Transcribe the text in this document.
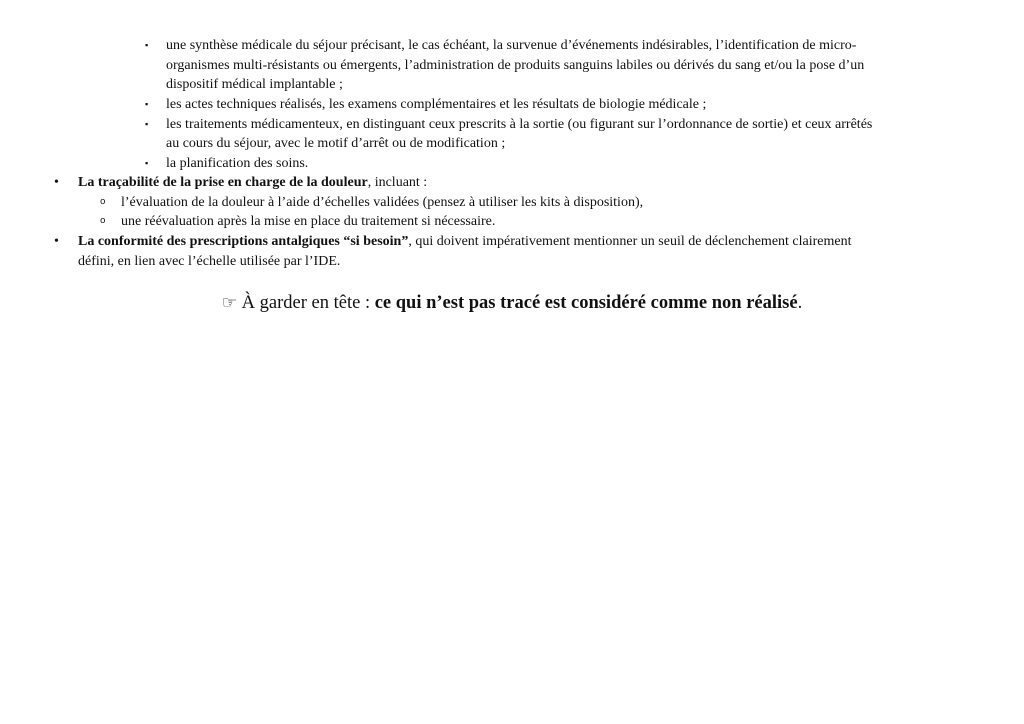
▪ une synthèse médicale du séjour précisant, le cas échéant, la survenue d’événements indésirables, l’identification de micro-
organismes multi-résistants ou émergents, l’administration de produits sanguins labiles ou dérivés du sang et/ou la pose d’un
dispositif médical implantable ;
▪ les actes techniques réalisés, les examens complémentaires et les résultats de biologie médicale ;
▪ les traitements médicamenteux, en distinguant ceux prescrits à la sortie (ou figurant sur l’ordonnance de sortie) et ceux arrêtés
au cours du séjour, avec le motif d’arrêt ou de modification ;
▪ la planification des soins.
• La traçabilité de la prise en charge de la douleur, incluant :
o l’évaluation de la douleur à l’aide d’échelles validées (pensez à utiliser les kits à disposition),
o une réévaluation après la mise en place du traitement si nécessaire.
• La conformité des prescriptions antalgiques “si besoin”, qui doivent impérativement mentionner un seuil de déclenchement clairement
défini, en lien avec l’échelle utilisée par l’IDE.
☞ À garder en tête : ce qui n’est pas tracé est considéré comme non réalisé.
